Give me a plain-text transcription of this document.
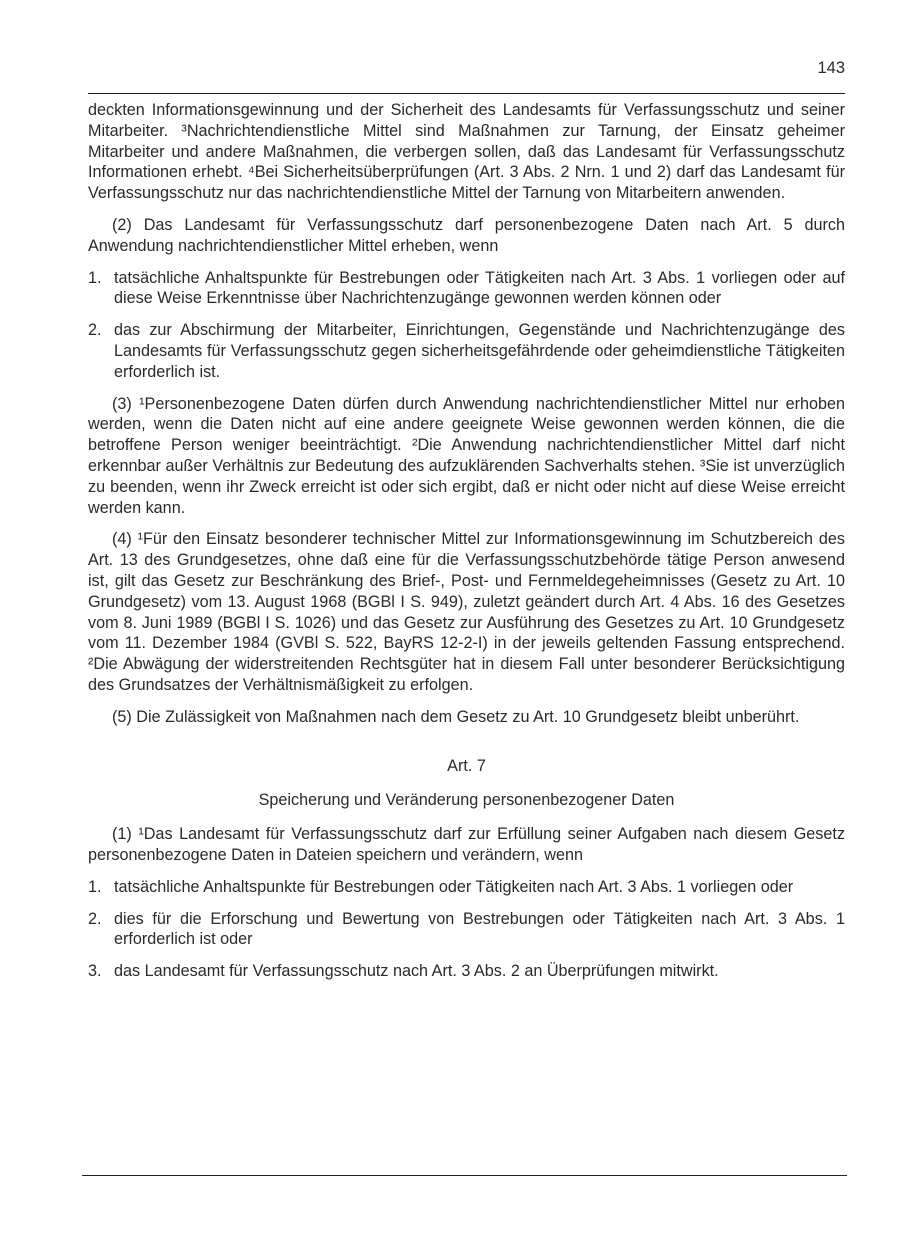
143

deckten Informationsgewinnung und der Sicherheit des Landesamts für Verfassungsschutz und seiner Mitarbeiter. ³Nachrichtendienstliche Mittel sind Maßnahmen zur Tarnung, der Einsatz geheimer Mitarbeiter und andere Maßnahmen, die verbergen sollen, daß das Landesamt für Verfassungsschutz Informationen erhebt. ⁴Bei Sicherheitsüberprüfungen (Art. 3 Abs. 2 Nrn. 1 und 2) darf das Landesamt für Verfassungsschutz nur das nachrichtendienstliche Mittel der Tarnung von Mitarbeitern anwenden.

(2) Das Landesamt für Verfassungsschutz darf personenbezogene Daten nach Art. 5 durch Anwendung nachrichtendienstlicher Mittel erheben, wenn

1. tatsächliche Anhaltspunkte für Bestrebungen oder Tätigkeiten nach Art. 3 Abs. 1 vorliegen oder auf diese Weise Erkenntnisse über Nachrichtenzugänge gewonnen werden können oder
2. das zur Abschirmung der Mitarbeiter, Einrichtungen, Gegenstände und Nachrichtenzugänge des Landesamts für Verfassungsschutz gegen sicherheitsgefährdende oder geheimdienstliche Tätigkeiten erforderlich ist.

(3) ¹Personenbezogene Daten dürfen durch Anwendung nachrichtendienstlicher Mittel nur erhoben werden, wenn die Daten nicht auf eine andere geeignete Weise gewonnen werden können, die die betroffene Person weniger beeinträchtigt. ²Die Anwendung nachrichtendienstlicher Mittel darf nicht erkennbar außer Verhältnis zur Bedeutung des aufzuklärenden Sachverhalts stehen. ³Sie ist unverzüglich zu beenden, wenn ihr Zweck erreicht ist oder sich ergibt, daß er nicht oder nicht auf diese Weise erreicht werden kann.

(4) ¹Für den Einsatz besonderer technischer Mittel zur Informationsgewinnung im Schutzbereich des Art. 13 des Grundgesetzes, ohne daß eine für die Verfassungsschutzbehörde tätige Person anwesend ist, gilt das Gesetz zur Beschränkung des Brief-, Post- und Fernmeldegeheimnisses (Gesetz zu Art. 10 Grundgesetz) vom 13. August 1968 (BGBl I S. 949), zuletzt geändert durch Art. 4 Abs. 16 des Gesetzes vom 8. Juni 1989 (BGBl I S. 1026) und das Gesetz zur Ausführung des Gesetzes zu Art. 10 Grundgesetz vom 11. Dezember 1984 (GVBl S. 522, BayRS 12-2-I) in der jeweils geltenden Fassung entsprechend. ²Die Abwägung der widerstreitenden Rechtsgüter hat in diesem Fall unter besonderer Berücksichtigung des Grundsatzes der Verhältnismäßigkeit zu erfolgen.

(5) Die Zulässigkeit von Maßnahmen nach dem Gesetz zu Art. 10 Grundgesetz bleibt unberührt.

Art. 7

Speicherung und Veränderung personenbezogener Daten

(1) ¹Das Landesamt für Verfassungsschutz darf zur Erfüllung seiner Aufgaben nach diesem Gesetz personenbezogene Daten in Dateien speichern und verändern, wenn

1. tatsächliche Anhaltspunkte für Bestrebungen oder Tätigkeiten nach Art. 3 Abs. 1 vorliegen oder
2. dies für die Erforschung und Bewertung von Bestrebungen oder Tätigkeiten nach Art. 3 Abs. 1 erforderlich ist oder
3. das Landesamt für Verfassungsschutz nach Art. 3 Abs. 2 an Überprüfungen mitwirkt.
